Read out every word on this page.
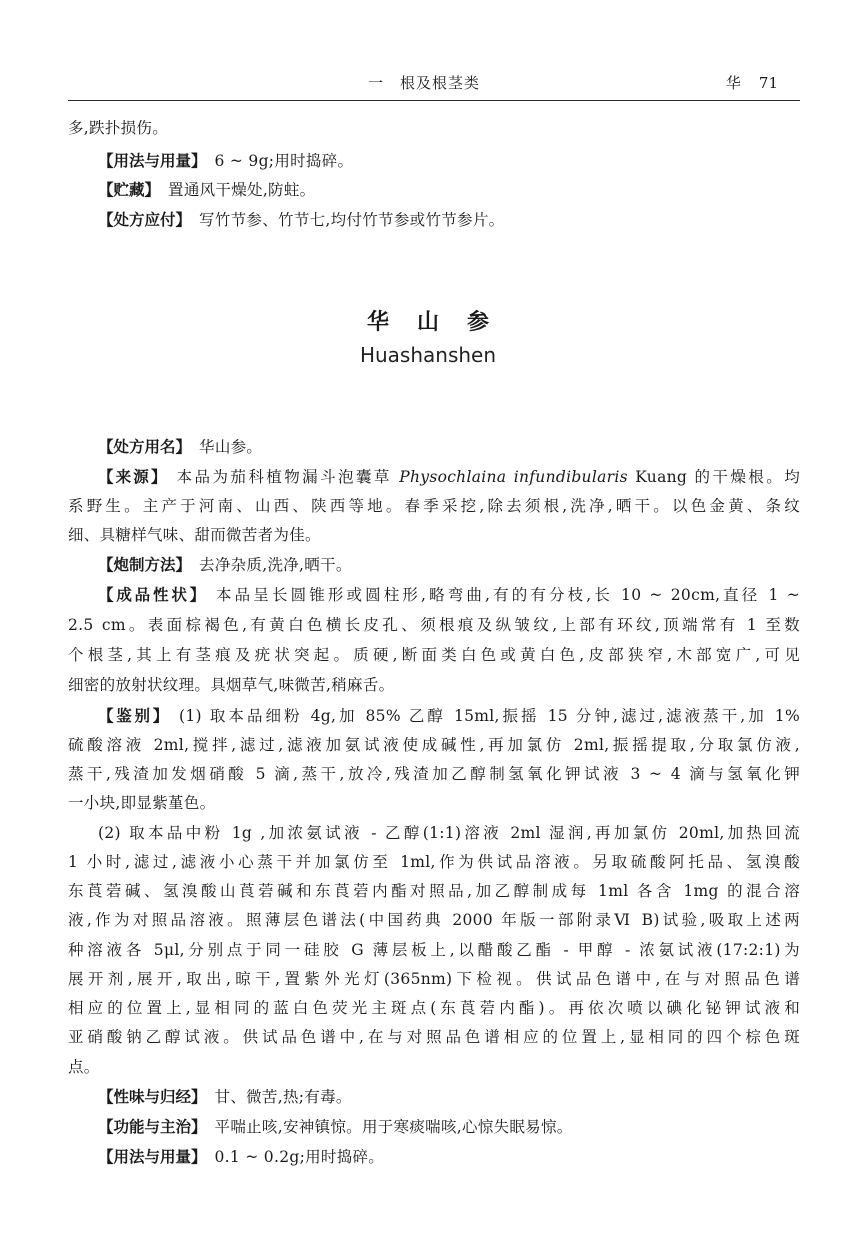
一 根及根茎类	华 71
多,跌扑损伤。
【用法与用量】 6 ~ 9g;用时捣碎。
【贮藏】 置通风干燥处,防蛀。
【处方应付】 写竹节参、竹节七,均付竹节参或竹节参片。
华山参
Huashanshen
【处方用名】 华山参。
【来源】 本品为茄科植物漏斗泡囊草 Physochlaina infundibularis Kuang 的干燥根。均
系野生。主产于河南、山西、陕西等地。春季采挖,除去须根,洗净,晒干。以色金黄、条纹
细、具糖样气味、甜而微苦者为佳。
【炮制方法】 去净杂质,洗净,晒干。
【成品性状】 本品呈长圆锥形或圆柱形,略弯曲,有的有分枝,长 10 ~ 20cm,直径 1 ~
2.5 cm。表面棕褐色,有黄白色横长皮孔、须根痕及纵皱纹,上部有环纹,顶端常有 1 至数
个根茎,其上有茎痕及疣状突起。质硬,断面类白色或黄白色,皮部狭窄,木部宽广,可见
细密的放射状纹理。具烟草气,味微苦,稍麻舌。
【鉴别】 (1) 取本品细粉 4g,加 85% 乙醇 15ml,振摇 15 分钟,滤过,滤液蒸干,加 1%
硫酸溶液 2ml,搅拌,滤过,滤液加氨试液使成碱性,再加氯仿 2ml,振摇提取,分取氯仿液,
蒸干,残渣加发烟硝酸 5 滴,蒸干,放冷,残渣加乙醇制氢氧化钾试液 3 ~ 4 滴与氢氧化钾
一小块,即显紫堇色。
(2) 取本品中粉 1g ,加浓氨试液 - 乙醇(1:1)溶液 2ml 湿润,再加氯仿 20ml,加热回流
1 小时,滤过,滤液小心蒸干并加氯仿至 1ml,作为供试品溶液。另取硫酸阿托品、氢溴酸
东莨菪碱、氢溴酸山莨菪碱和东莨菪内酯对照品,加乙醇制成每 1ml 各含 1mg 的混合溶
液,作为对照品溶液。照薄层色谱法(中国药典 2000 年版一部附录Ⅵ B)试验,吸取上述两
种溶液各 5μl,分别点于同一硅胶 G 薄层板上,以醋酸乙酯 - 甲醇 - 浓氨试液(17:2:1)为
展开剂,展开,取出,晾干,置紫外光灯(365nm)下检视。供试品色谱中,在与对照品色谱
相应的位置上,显相同的蓝白色荧光主斑点(东莨菪内酯)。再依次喷以碘化铋钾试液和
亚硝酸钠乙醇试液。供试品色谱中,在与对照品色谱相应的位置上,显相同的四个棕色斑
点。
【性味与归经】 甘、微苦,热;有毒。
【功能与主治】 平喘止咳,安神镇惊。用于寒痰喘咳,心惊失眠易惊。
【用法与用量】 0.1 ~ 0.2g;用时捣碎。
